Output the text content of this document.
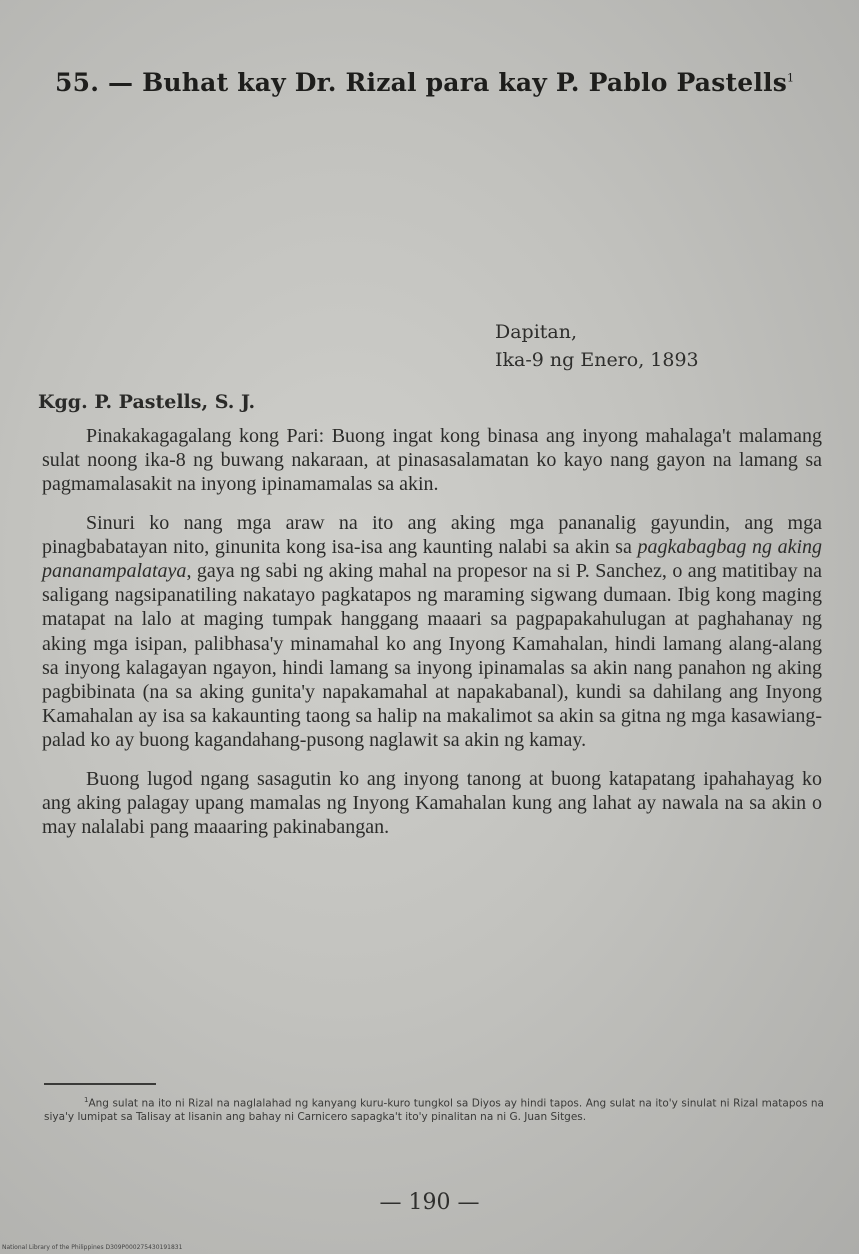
55. — Buhat kay Dr. Rizal para kay P. Pablo Pastells$^1$
Dapitan,
Ika-9 ng Enero, 1893
Kgg. P. Pastells, S. J.

Pinakakagagalang kong Pari: Buong ingat kong binasa ang inyong mahalaga't malamang sulat noong ika-8 ng buwang nakaraan, at pinasasalamatan ko kayo nang gayon na lamang sa pagmamalasakit na inyong ipinamamalas sa akin.

Sinuri ko nang mga araw na ito ang aking mga pananalig gayundin, ang mga pinagbabatayan nito, ginunita kong isa-isa ang kaunting nalabi sa akin sa pagkabagbag ng aking pananampalataya, gaya ng sabi ng aking mahal na propesor na si P. Sanchez, o ang matitibay na saligang nagsipanatiling nakatayo pagkatapos ng maraming sigwang dumaan. Ibig kong maging matapat na lalo at maging tumpak hanggang maaari sa pagpapakahulugan at paghahanay ng aking mga isipan, palibhasa'y minamahal ko ang Inyong Kamahalan, hindi lamang alang-alang sa inyong kalagayan ngayon, hindi lamang sa inyong ipinamalas sa akin nang panahon ng aking pagbibinata (na sa aking gunita'y napakamahal at napakabanal), kundi sa dahilang ang Inyong Kamahalan ay isa sa kakaunting taong sa halip na makalimot sa akin sa gitna ng mga kasawiang-palad ko ay buong kagandahang-pusong naglawit sa akin ng kamay.

Buong lugod ngang sasagutin ko ang inyong tanong at buong katapatang ipahahayag ko ang aking palagay upang mamalas ng Inyong Kamahalan kung ang lahat ay nawala na sa akin o may nalalabi pang maaaring pakinabangan.

$^1$Ang sulat na ito ni Rizal na naglalahad ng kanyang kuru-kuro tungkol sa Diyos ay hindi tapos. Ang sulat na ito'y sinulat ni Rizal matapos na siya'y lumipat sa Talisay at lisanin ang bahay ni Carnicero sapagka't ito'y pinalitan na ni G. Juan Sitges.
— 190 —
National Library of the Philippines D309P000275430191831
